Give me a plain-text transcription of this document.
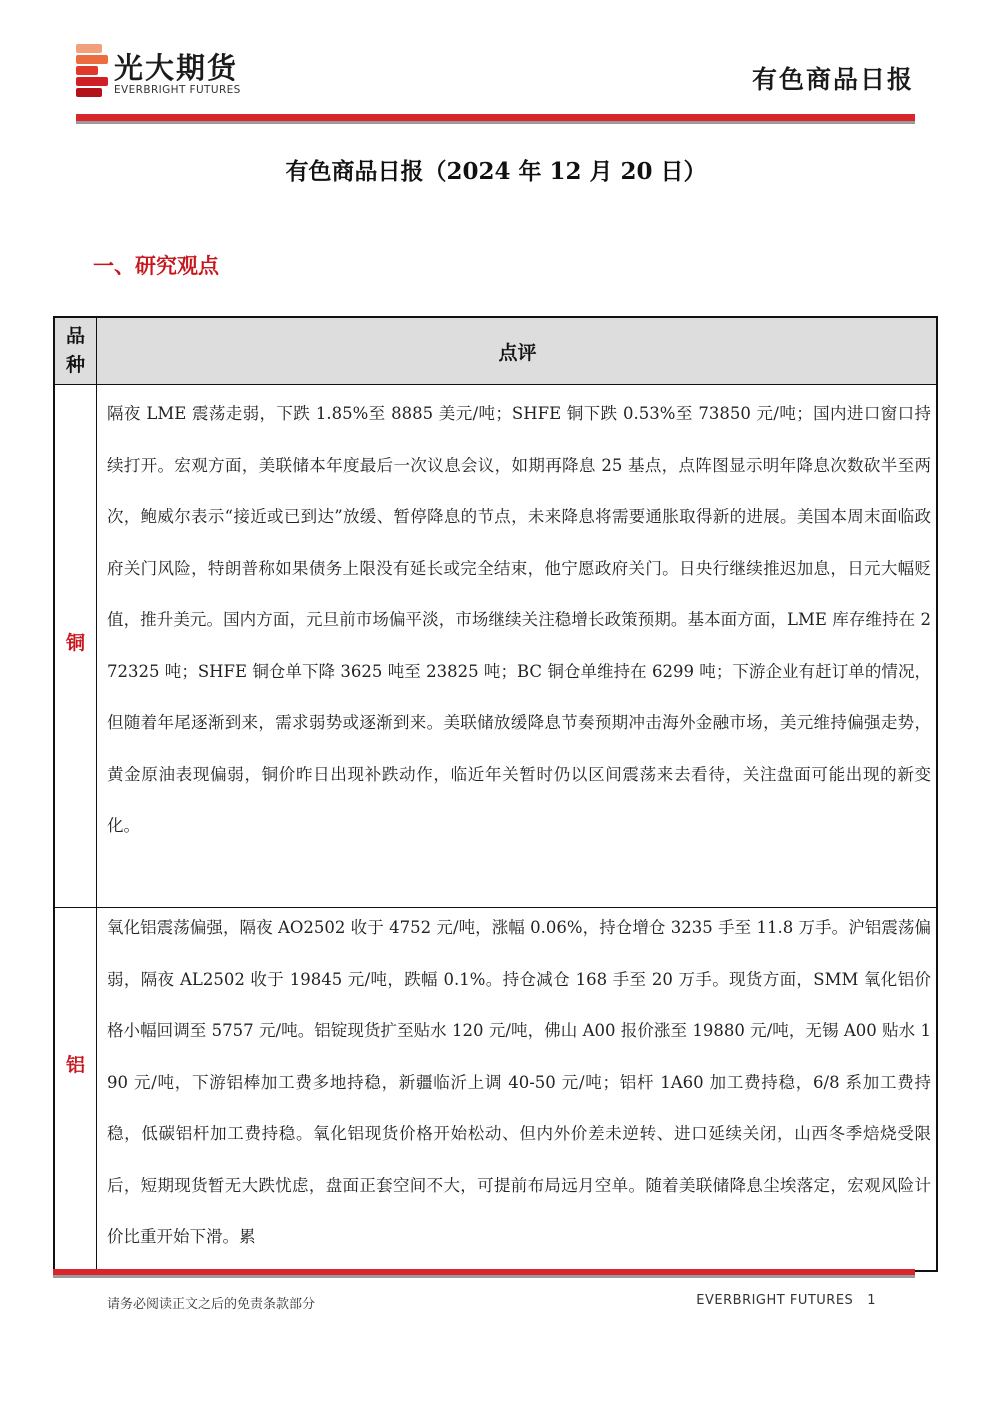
光大期货
EVERBRIGHT FUTURES	有色商品日报
有色商品日报（2024 年 12 月 20 日）
一、研究观点
品
种
点评
铜
隔夜 LME 震荡走弱，下跌 1.85%至 8885 美元/吨；SHFE 铜下跌 0.53%至 73850 元/吨；国内进口窗口持续打开。宏观方面，美联储本年度最后一次议息会议，如期再降息 25 基点，点阵图显示明年降息次数砍半至两次，鲍威尔表示“接近或已到达”放缓、暂停降息的节点，未来降息将需要通胀取得新的进展。美国本周末面临政府关门风险，特朗普称如果债务上限没有延长或完全结束，他宁愿政府关门。日央行继续推迟加息，日元大幅贬值，推升美元。国内方面，元旦前市场偏平淡，市场继续关注稳增长政策预期。基本面方面，LME 库存维持在 272325 吨；SHFE 铜仓单下降 3625 吨至 23825 吨；BC 铜仓单维持在 6299 吨；下游企业有赶订单的情况，但随着年尾逐渐到来，需求弱势或逐渐到来。美联储放缓降息节奏预期冲击海外金融市场，美元维持偏强走势，黄金原油表现偏弱，铜价昨日出现补跌动作，临近年关暂时仍以区间震荡来去看待，关注盘面可能出现的新变化。
铝
氧化铝震荡偏强，隔夜 AO2502 收于 4752 元/吨，涨幅 0.06%，持仓增仓 3235 手至 11.8 万手。沪铝震荡偏弱，隔夜 AL2502 收于 19845 元/吨，跌幅 0.1%。持仓减仓 168 手至 20 万手。现货方面，SMM 氧化铝价格小幅回调至 5757 元/吨。铝锭现货扩至贴水 120 元/吨，佛山 A00 报价涨至 19880 元/吨，无锡 A00 贴水 190 元/吨，下游铝棒加工费多地持稳，新疆临沂上调 40-50 元/吨；铝杆 1A60 加工费持稳，6/8 系加工费持稳，低碳铝杆加工费持稳。氧化铝现货价格开始松动、但内外价差未逆转、进口延续关闭，山西冬季焙烧受限后，短期现货暂无大跌忧虑，盘面正套空间不大，可提前布局远月空单。随着美联储降息尘埃落定，宏观风险计价比重开始下滑。累
请务必阅读正文之后的免责条款部分	EVERBRIGHT FUTURES 1
